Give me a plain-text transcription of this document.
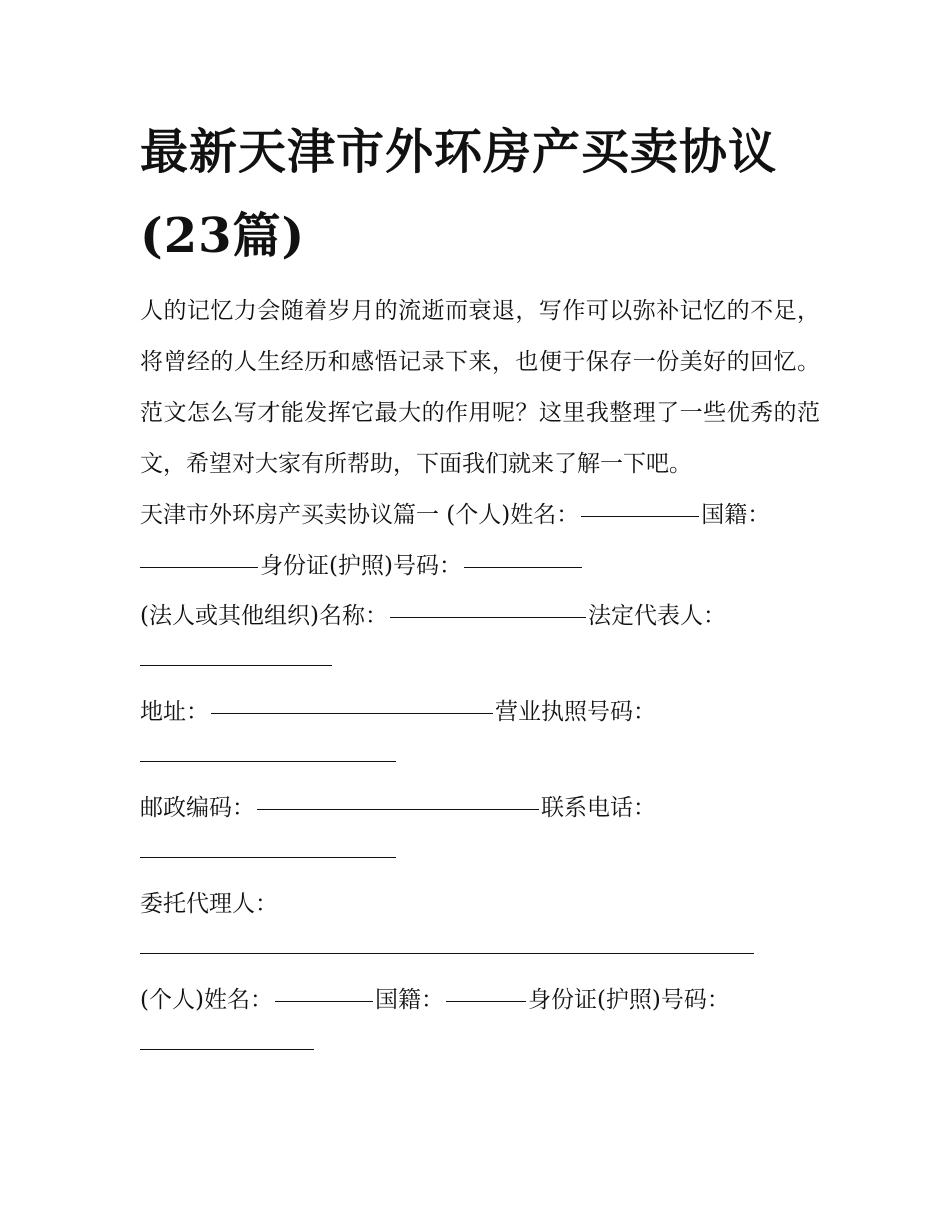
最新天津市外环房产买卖协议(23篇)

人的记忆力会随着岁月的流逝而衰退，写作可以弥补记忆的不足，将曾经的人生经历和感悟记录下来，也便于保存一份美好的回忆。范文怎么写才能发挥它最大的作用呢？这里我整理了一些优秀的范文，希望对大家有所帮助，下面我们就来了解一下吧。

天津市外环房产买卖协议篇一 (个人)姓名：	国籍：
身份证(护照)号码：
(法人或其他组织)名称：	法定代表人：
地址：	营业执照号码：
邮政编码：	联系电话：
委托代理人：
(个人)姓名：	国籍：	身份证(护照)号码：
